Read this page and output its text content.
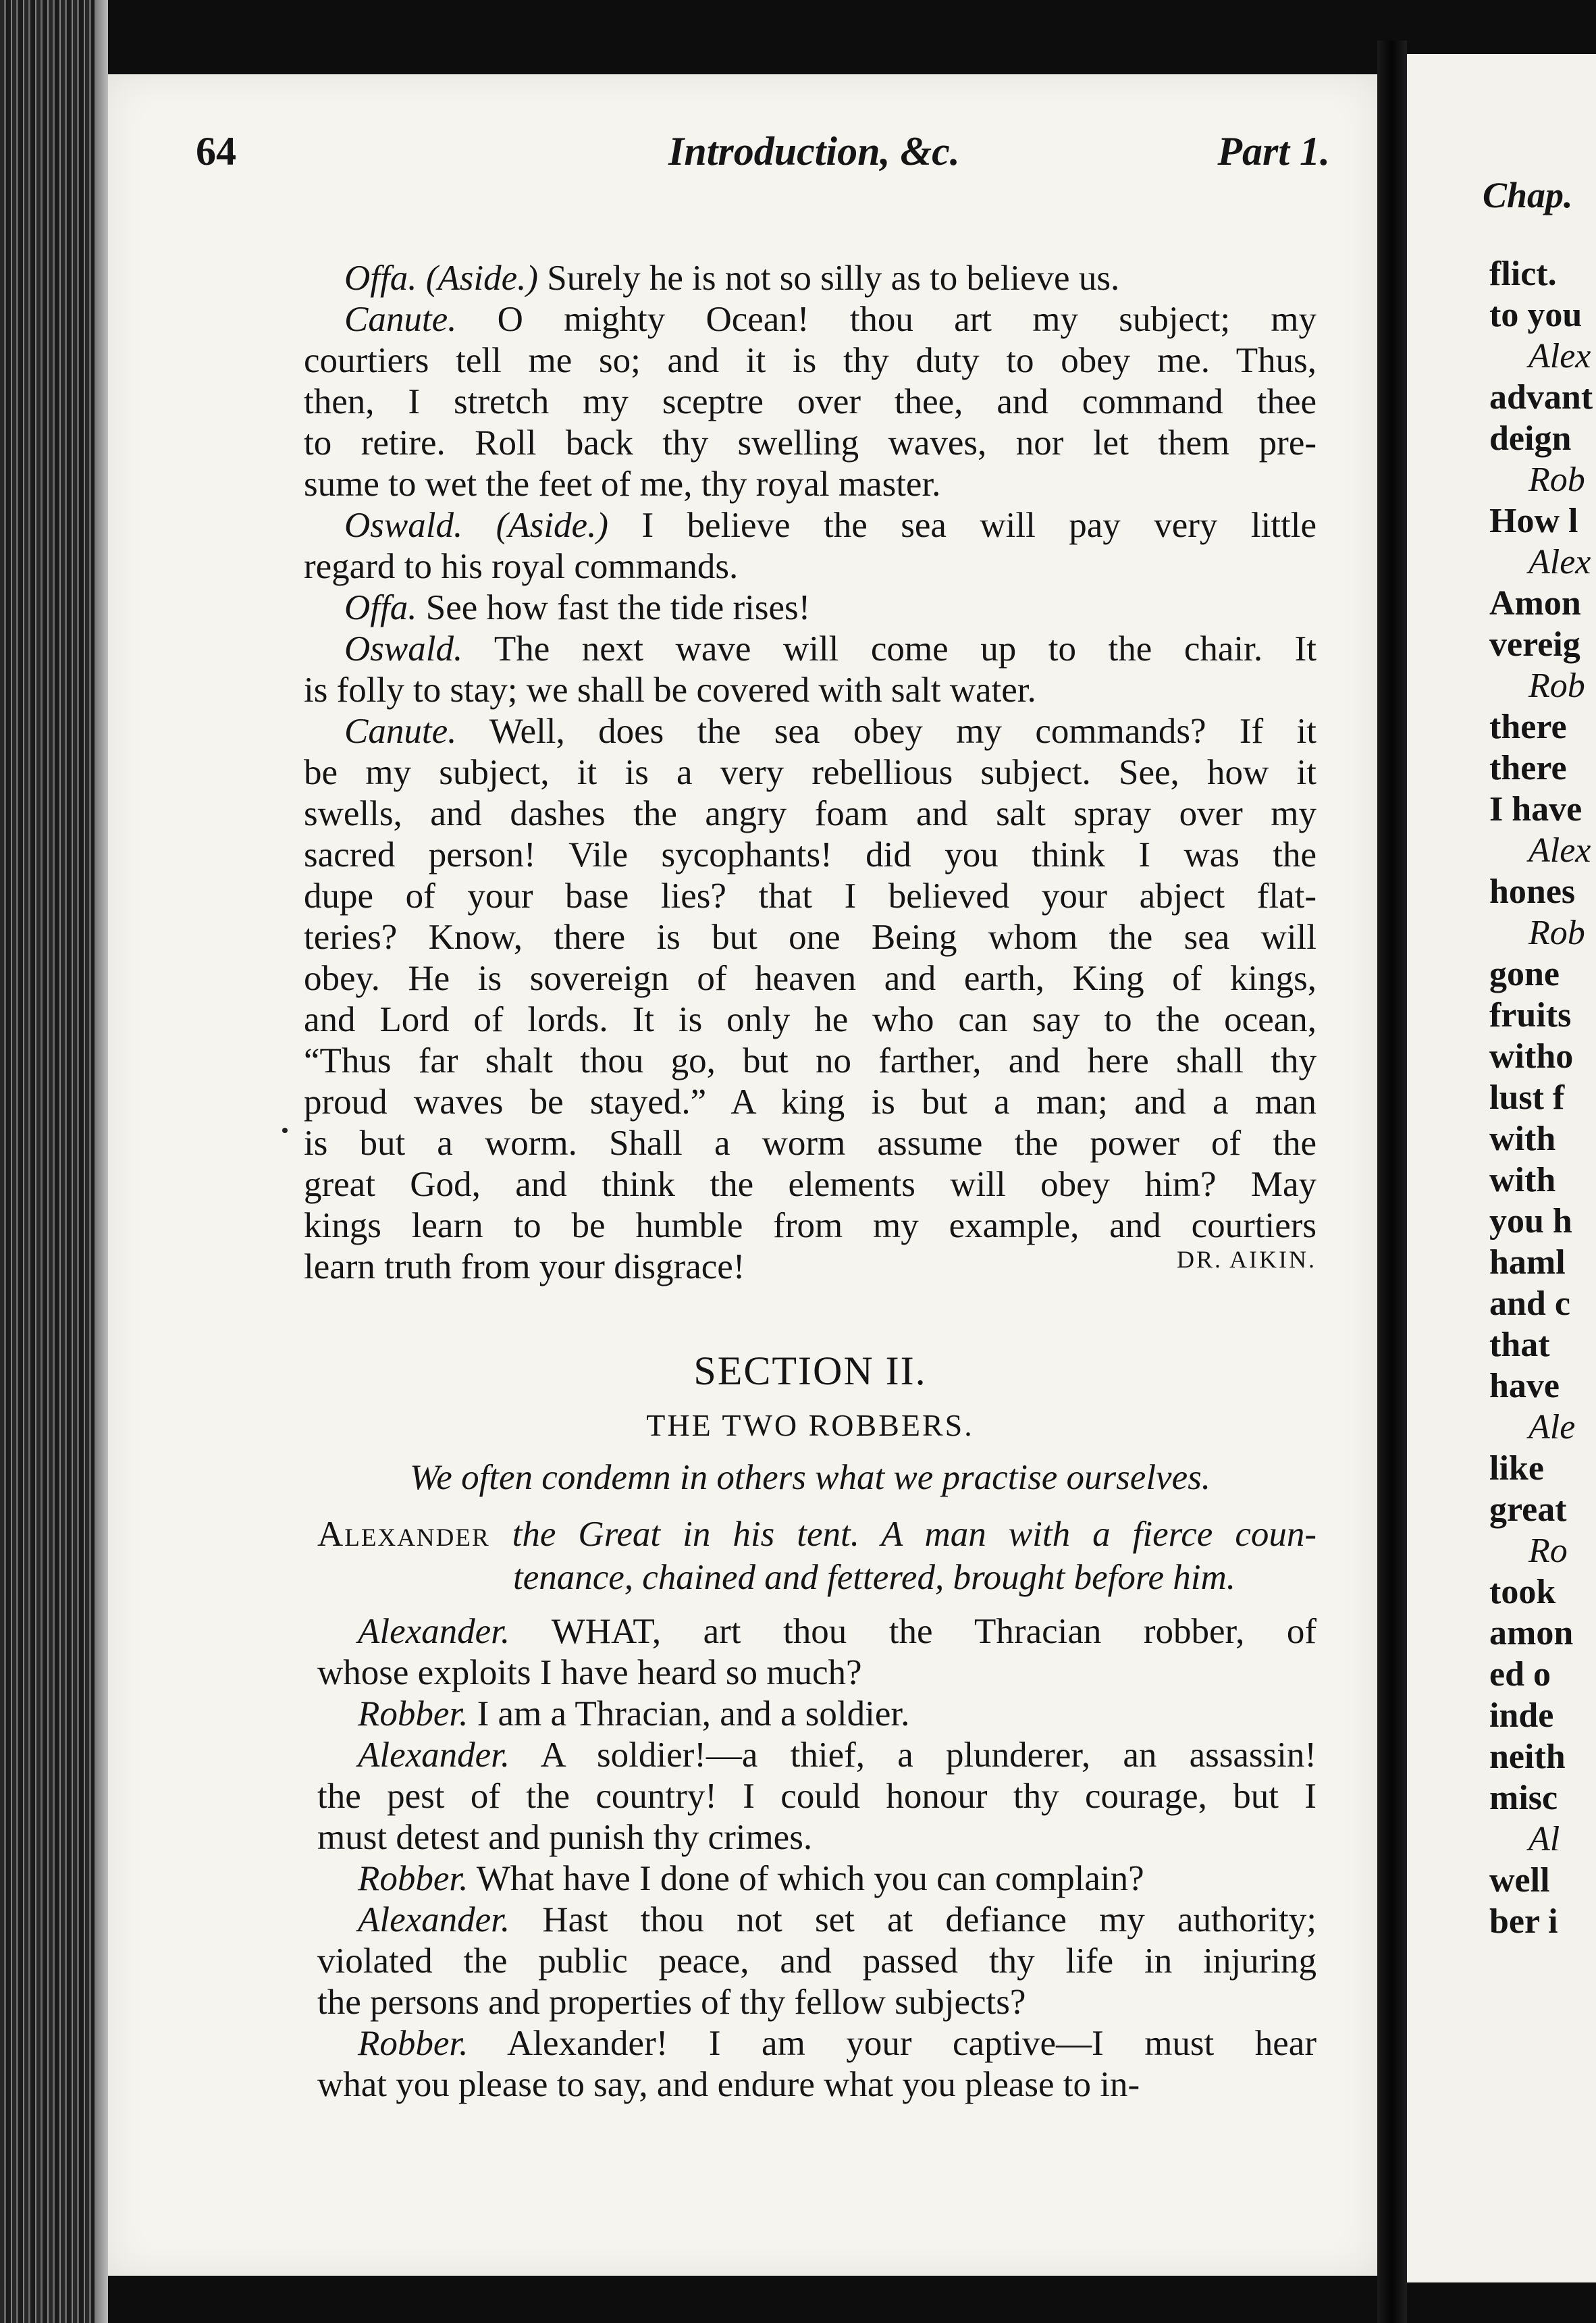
64	Introduction, &c.	Part 1.
Offa. (Aside.) Surely he is not so silly as to believe us.
Canute. O mighty Ocean! thou art my subject; my
courtiers tell me so; and it is thy duty to obey me. Thus,
then, I stretch my sceptre over thee, and command thee
to retire. Roll back thy swelling waves, nor let them pre-
sume to wet the feet of me, thy royal master.
Oswald. (Aside.) I believe the sea will pay very little
regard to his royal commands.
Offa. See how fast the tide rises!
Oswald. The next wave will come up to the chair. It
is folly to stay; we shall be covered with salt water.
Canute. Well, does the sea obey my commands? If it
be my subject, it is a very rebellious subject. See, how it
swells, and dashes the angry foam and salt spray over my
sacred person! Vile sycophants! did you think I was the
dupe of your base lies? that I believed your abject flat-
teries? Know, there is but one Being whom the sea will
obey. He is sovereign of heaven and earth, King of kings,
and Lord of lords. It is only he who can say to the ocean,
“Thus far shalt thou go, but no farther, and here shall thy
proud waves be stayed.” A king is but a man; and a man
is but a worm. Shall a worm assume the power of the
great God, and think the elements will obey him? May
kings learn to be humble from my example, and courtiers
learn truth from your disgrace!	DR. AIKIN.
SECTION II.
THE TWO ROBBERS.
We often condemn in others what we practise ourselves.
Alexander the Great in his tent. A man with a fierce coun-
tenance, chained and fettered, brought before him.
Alexander. WHAT, art thou the Thracian robber, of
whose exploits I have heard so much?
Robber. I am a Thracian, and a soldier.
Alexander. A soldier!—a thief, a plunderer, an assassin!
the pest of the country! I could honour thy courage, but I
must detest and punish thy crimes.
Robber. What have I done of which you can complain?
Alexander. Hast thou not set at defiance my authority;
violated the public peace, and passed thy life in injuring
the persons and properties of thy fellow subjects?
Robber. Alexander! I am your captive—I must hear
what you please to say, and endure what you please to in-
Chap.
flict.
to you
Alex
advant
deign
Rob
How l
Alex
Amon
vereig
Rob
there
there
I have
Alex
hones
Rob
gone
fruits
witho
lust f
with
with
you h
haml
and c
that
have
Ale
like
great
Ro
took
amon
ed o
inde
neith
misc
Al
well
ber i
